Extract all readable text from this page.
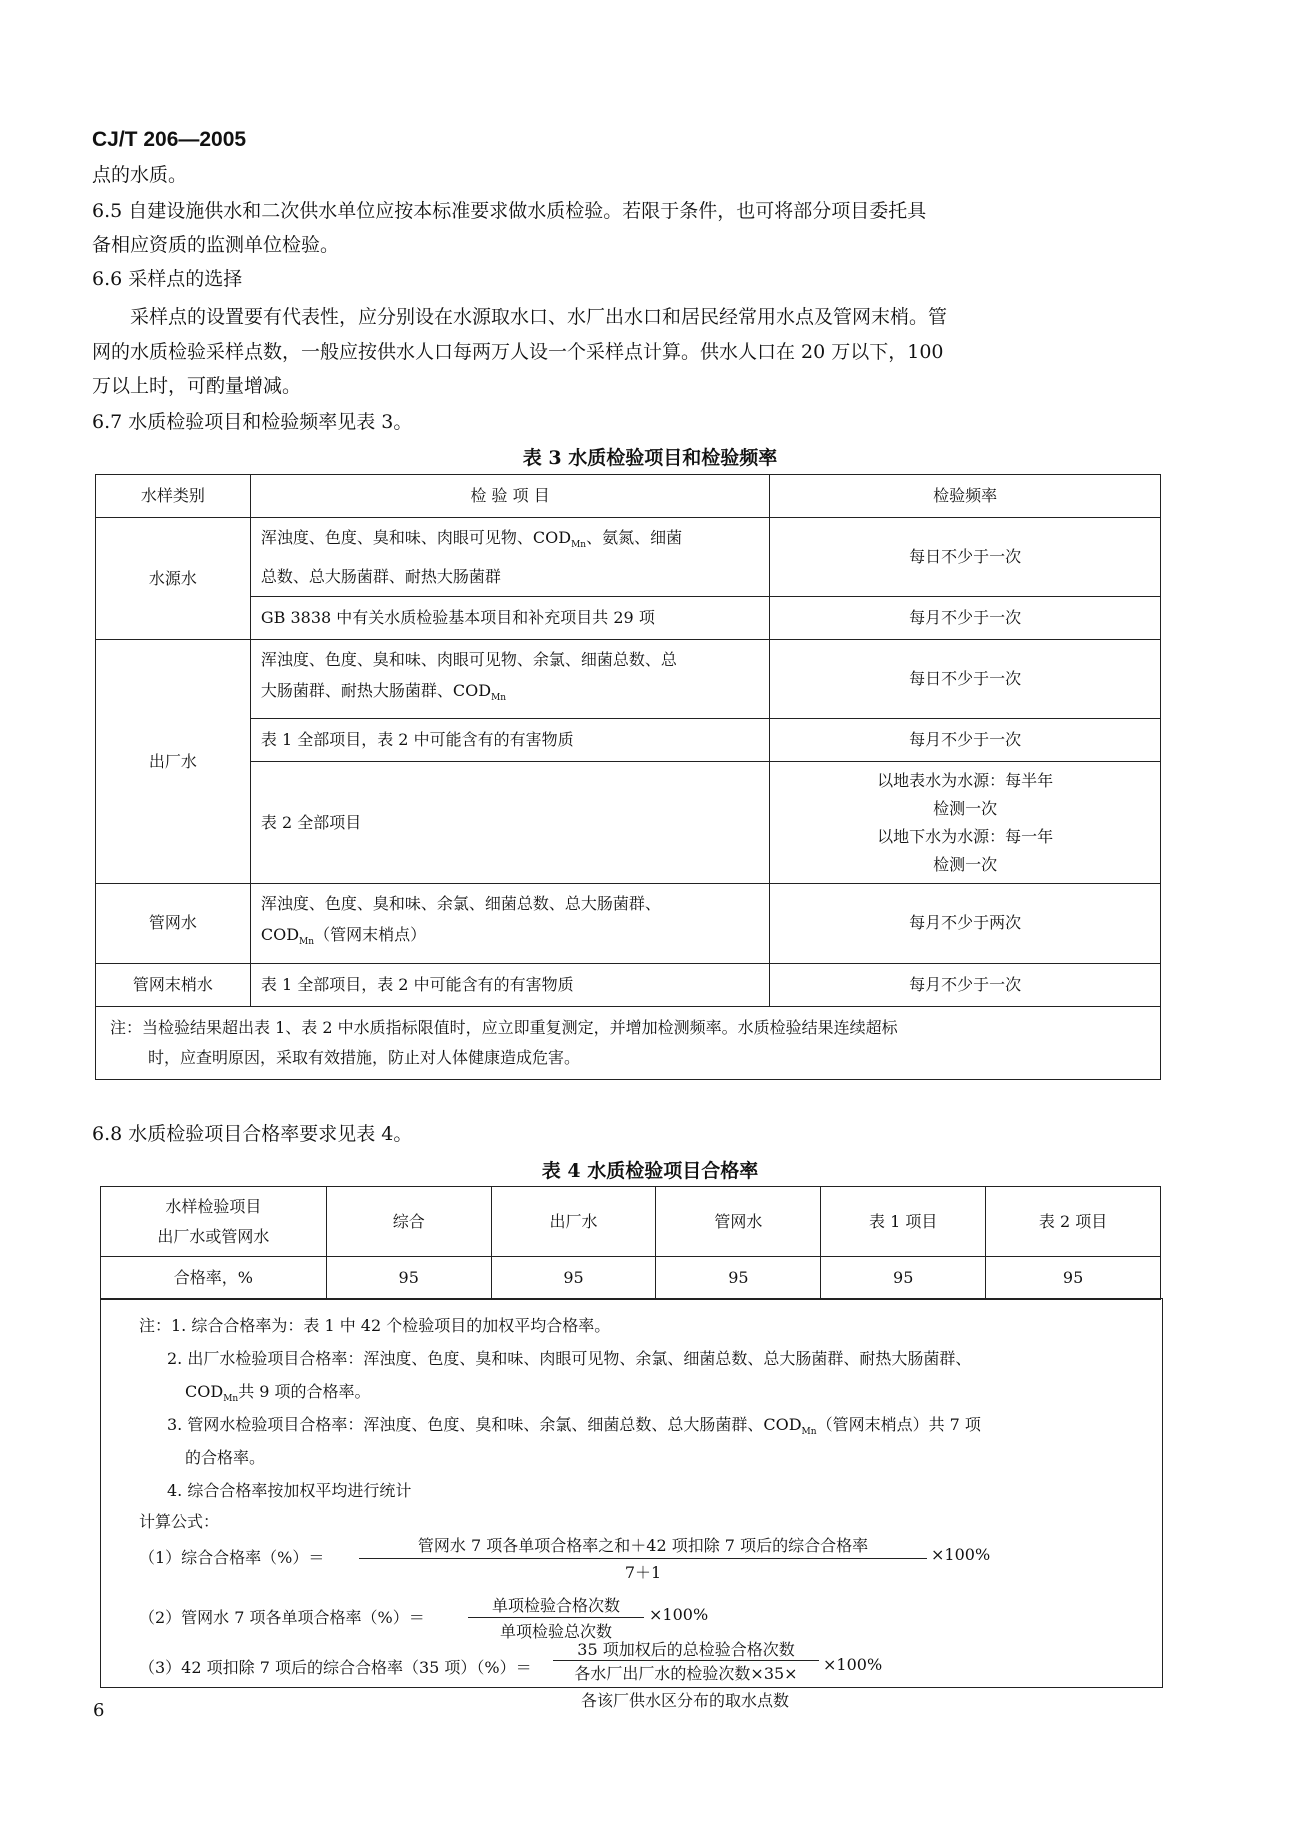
CJ/T 206—2005
点的水质。
6.5 自建设施供水和二次供水单位应按本标准要求做水质检验。若限于条件，也可将部分项目委托具
备相应资质的监测单位检验。
6.6 采样点的选择
采样点的设置要有代表性，应分别设在水源取水口、水厂出水口和居民经常用水点及管网末梢。管
网的水质检验采样点数，一般应按供水人口每两万人设一个采样点计算。供水人口在 20 万以下，100
万以上时，可酌量增减。
6.7 水质检验项目和检验频率见表 3。
表 3 水质检验项目和检验频率
水样类别	检 验 项 目	检验频率
水源水	浑浊度、色度、臭和味、肉眼可见物、$COD_{Mn}$、氨氮、细菌
总数、总大肠菌群、耐热大肠菌群	每日不少于一次
	GB 3838 中有关水质检验基本项目和补充项目共 29 项	每月不少于一次
出厂水	浑浊度、色度、臭和味、肉眼可见物、余氯、细菌总数、总
大肠菌群、耐热大肠菌群、$COD_{Mn}$	每日不少于一次
	表 1 全部项目，表 2 中可能含有的有害物质	每月不少于一次
	表 2 全部项目	以地表水为水源：每半年
检测一次
以地下水为水源：每一年
检测一次
管网水	浑浊度、色度、臭和味、余氯、细菌总数、总大肠菌群、
$COD_{Mn}$（管网末梢点）	每月不少于两次
管网末梢水	表 1 全部项目，表 2 中可能含有的有害物质	每月不少于一次
注：当检验结果超出表 1、表 2 中水质指标限值时，应立即重复测定，并增加检测频率。水质检验结果连续超标
时，应查明原因，采取有效措施，防止对人体健康造成危害。		
6.8 水质检验项目合格率要求见表 4。
表 4 水质检验项目合格率
水样检验项目
出厂水或管网水	综合	出厂水	管网水	表 1 项目	表 2 项目
合格率，%	95	95	95	95	95
注：1. 综合合格率为：表 1 中 42 个检验项目的加权平均合格率。
2. 出厂水检验项目合格率：浑浊度、色度、臭和味、肉眼可见物、余氯、细菌总数、总大肠菌群、耐热大肠菌群、
$COD_{Mn}$共 9 项的合格率。
3. 管网水检验项目合格率：浑浊度、色度、臭和味、余氯、细菌总数、总大肠菌群、$COD_{Mn}$（管网末梢点）共 7 项
的合格率。
4. 综合合格率按加权平均进行统计
计算公式：
（1）综合合格率（%）＝
管网水 7 项各单项合格率之和＋42 项扣除 7 项后的综合合格率
7＋1
×100%
（2）管网水 7 项各单项合格率（%）＝
单项检验合格次数
单项检验总次数
×100%
（3）42 项扣除 7 项后的综合合格率（35 项）（%）＝
35 项加权后的总检验合格次数
各水厂出厂水的检验次数×35×	×100%
各该厂供水区分布的取水点数
6
